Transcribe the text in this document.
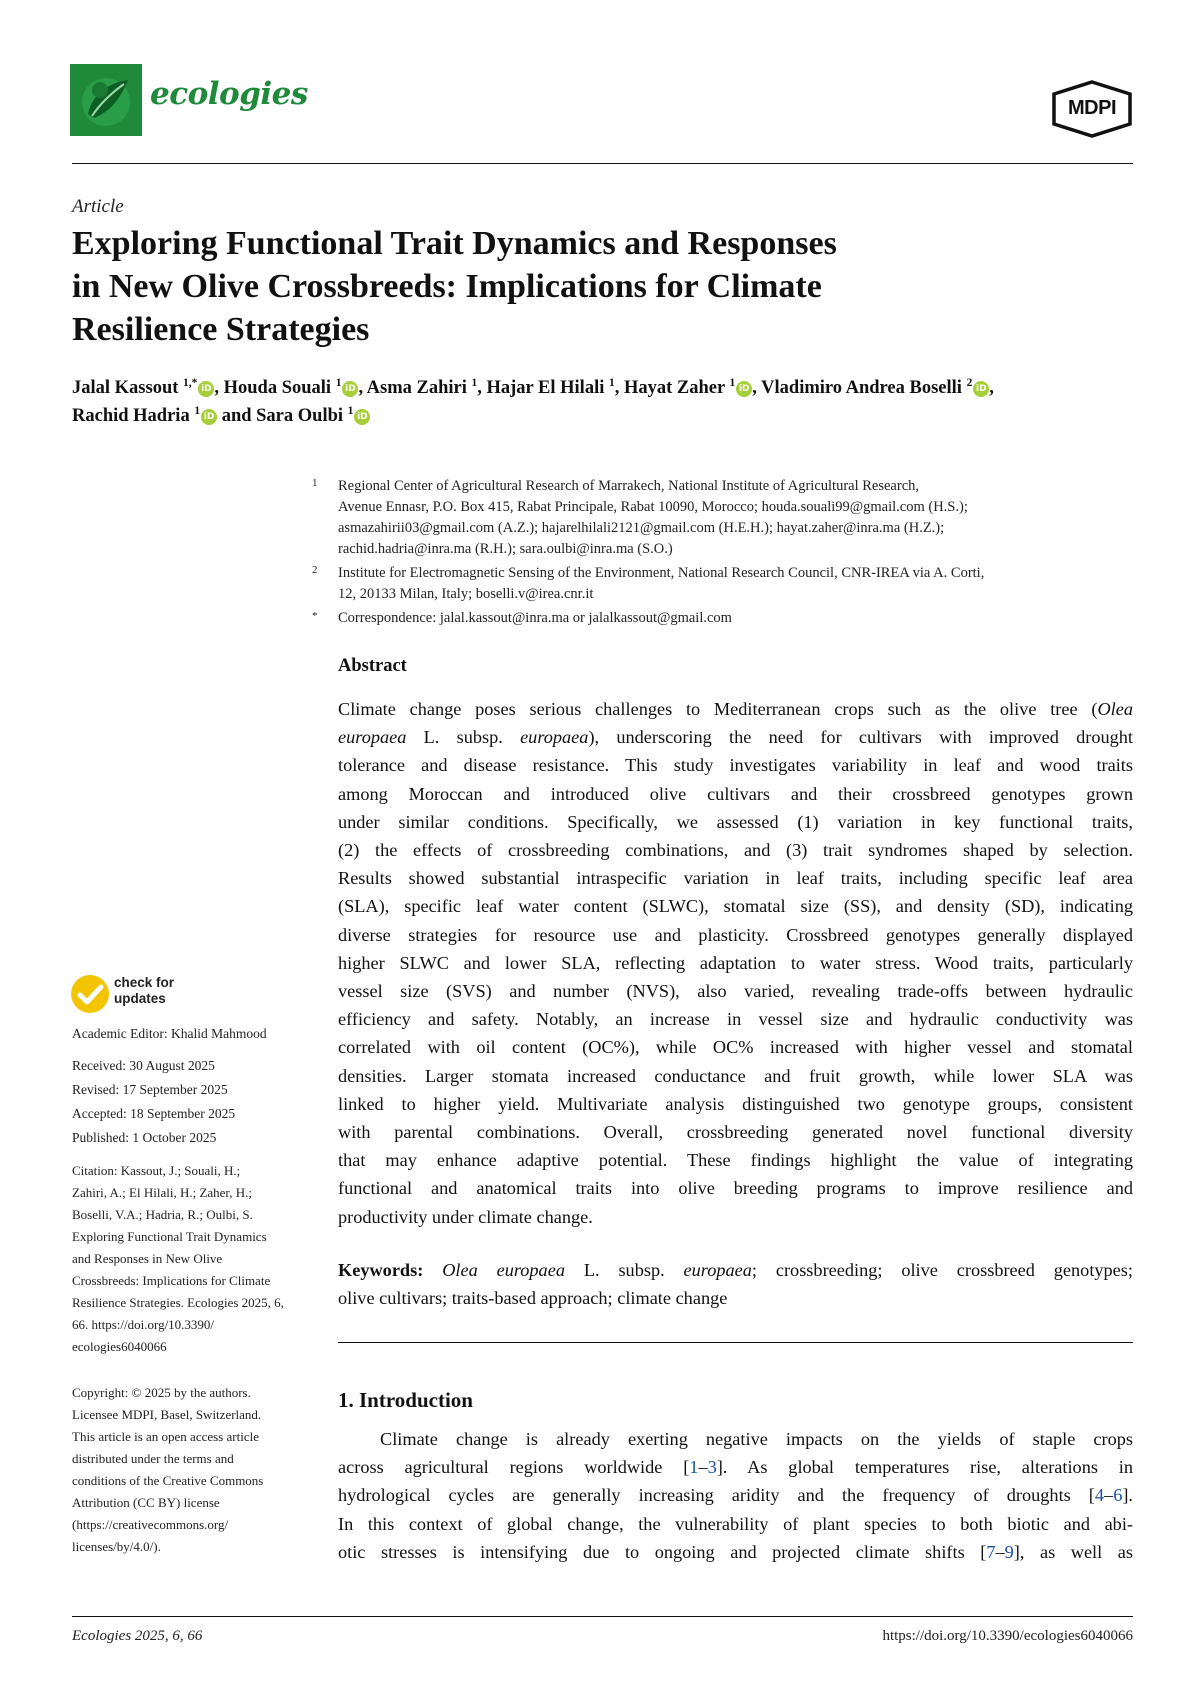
ecologies	MDPI
Article
Exploring Functional Trait Dynamics and Responses
in New Olive Crossbreeds: Implications for Climate
Resilience Strategies
Jalal Kassout $^{1,*}$iD , Houda Souali $^1$iD , Asma Zahiri $^1$, Hajar El Hilali $^1$, Hayat Zaher $^1$iD , Vladimiro Andrea Boselli $^2$iD ,
Rachid Hadria $^1$iD and Sara Oulbi $^1$iD
1 Regional Center of Agricultural Research of Marrakech, National Institute of Agricultural Research,
Avenue Ennasr, P.O. Box 415, Rabat Principale, Rabat 10090, Morocco; houda.souali99@gmail.com (H.S.);
asmazahirii03@gmail.com (A.Z.); hajarelhilali2121@gmail.com (H.E.H.); hayat.zaher@inra.ma (H.Z.);
rachid.hadria@inra.ma (R.H.); sara.oulbi@inra.ma (S.O.)
2 Institute for Electromagnetic Sensing of the Environment, National Research Council, CNR-IREA via A. Corti,
12, 20133 Milan, Italy; boselli.v@irea.cnr.it
* Correspondence: jalal.kassout@inra.ma or jalalkassout@gmail.com
Abstract
Climate change poses serious challenges to Mediterranean crops such as the olive tree (Olea
europaea L. subsp. europaea), underscoring the need for cultivars with improved drought
tolerance and disease resistance. This study investigates variability in leaf and wood traits
among Moroccan and introduced olive cultivars and their crossbreed genotypes grown
under similar conditions. Specifically, we assessed (1) variation in key functional traits,
(2) the effects of crossbreeding combinations, and (3) trait syndromes shaped by selection.
Results showed substantial intraspecific variation in leaf traits, including specific leaf area
(SLA), specific leaf water content (SLWC), stomatal size (SS), and density (SD), indicating
diverse strategies for resource use and plasticity. Crossbreed genotypes generally displayed
higher SLWC and lower SLA, reflecting adaptation to water stress. Wood traits, particularly
vessel size (SVS) and number (NVS), also varied, revealing trade-offs between hydraulic
efficiency and safety. Notably, an increase in vessel size and hydraulic conductivity was
correlated with oil content (OC%), while OC% increased with higher vessel and stomatal
densities. Larger stomata increased conductance and fruit growth, while lower SLA was
linked to higher yield. Multivariate analysis distinguished two genotype groups, consistent
with parental combinations. Overall, crossbreeding generated novel functional diversity
that may enhance adaptive potential. These findings highlight the value of integrating
functional and anatomical traits into olive breeding programs to improve resilience and
productivity under climate change.
Keywords: Olea europaea L. subsp. europaea; crossbreeding; olive crossbreed genotypes;
olive cultivars; traits-based approach; climate change
1. Introduction
Climate change is already exerting negative impacts on the yields of staple crops
across agricultural regions worldwide [1–3]. As global temperatures rise, alterations in
hydrological cycles are generally increasing aridity and the frequency of droughts [4–6].
In this context of global change, the vulnerability of plant species to both biotic and abi-
otic stresses is intensifying due to ongoing and projected climate shifts [7–9], as well as
check for
updates
Academic Editor: Khalid Mahmood
Received: 30 August 2025
Revised: 17 September 2025
Accepted: 18 September 2025
Published: 1 October 2025
Citation: Kassout, J.; Souali, H.;
Zahiri, A.; El Hilali, H.; Zaher, H.;
Boselli, V.A.; Hadria, R.; Oulbi, S.
Exploring Functional Trait Dynamics
and Responses in New Olive
Crossbreeds: Implications for Climate
Resilience Strategies. Ecologies 2025, 6,
66. https://doi.org/10.3390/
ecologies6040066
Copyright: © 2025 by the authors.
Licensee MDPI, Basel, Switzerland.
This article is an open access article
distributed under the terms and
conditions of the Creative Commons
Attribution (CC BY) license
(https://creativecommons.org/
licenses/by/4.0/).
Ecologies 2025, 6, 66	https://doi.org/10.3390/ecologies6040066
